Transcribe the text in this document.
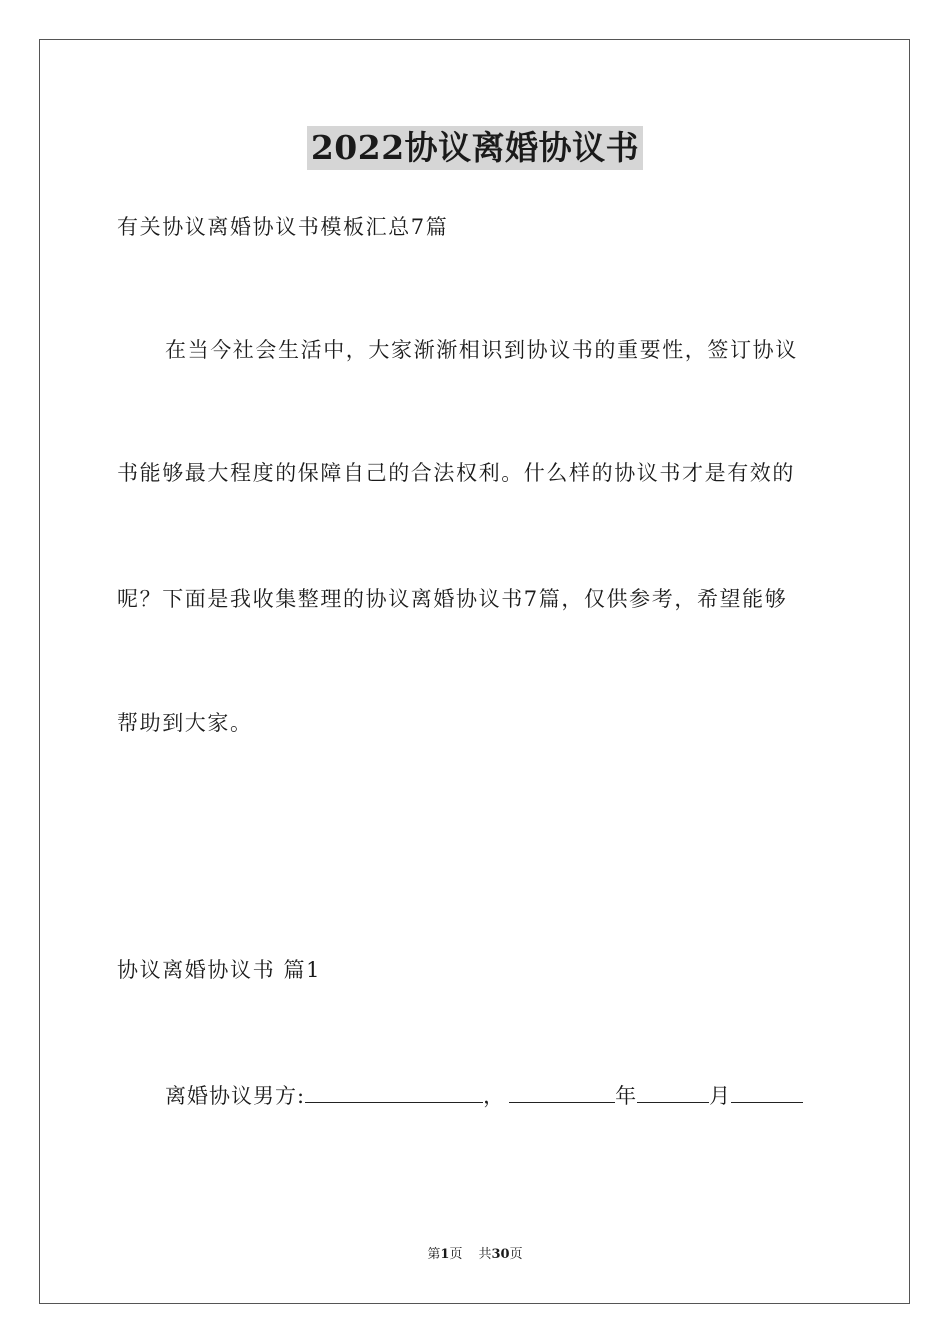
2022协议离婚协议书
有关协议离婚协议书模板汇总7篇
在当今社会生活中，大家渐渐相识到协议书的重要性，签订协议
书能够最大程度的保障自己的合法权利。什么样的协议书才是有效的
呢？下面是我收集整理的协议离婚协议书7篇，仅供参考，希望能够
帮助到大家。
协议离婚协议书 篇1
离婚协议男方:	，	年	月
第1页 共30页
